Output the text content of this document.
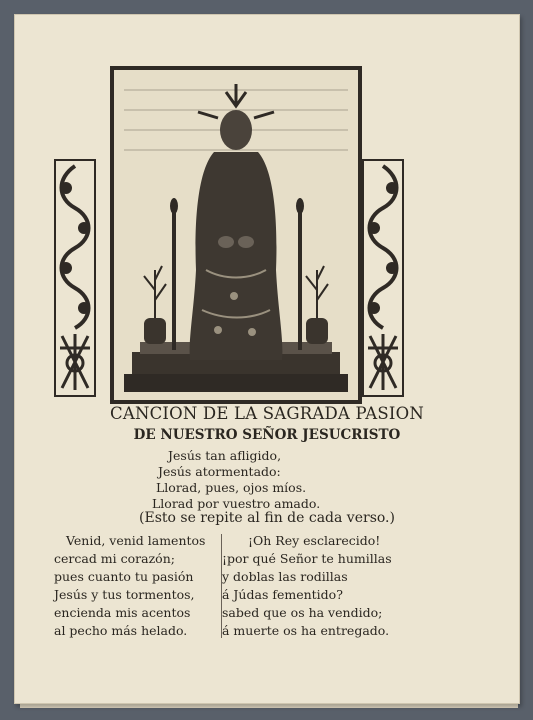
CANCION DE LA SAGRADA PASION
DE NUESTRO SEÑOR JESUCRISTO
Jesús tan afligido,
Jesús atormentado:
Llorad, pues, ojos míos.
Llorad por vuestro amado.
(Esto se repite al fin de cada verso.)
Venid, venid lamentos
cercad mi corazón;
pues cuanto tu pasión
Jesús y tus tormentos,
encienda mis acentos
al pecho más helado.
¡Oh Rey esclarecido!
¡por qué Señor te humillas
y doblas las rodillas
á Júdas fementido?
sabed que os ha vendido;
á muerte os ha entregado.
